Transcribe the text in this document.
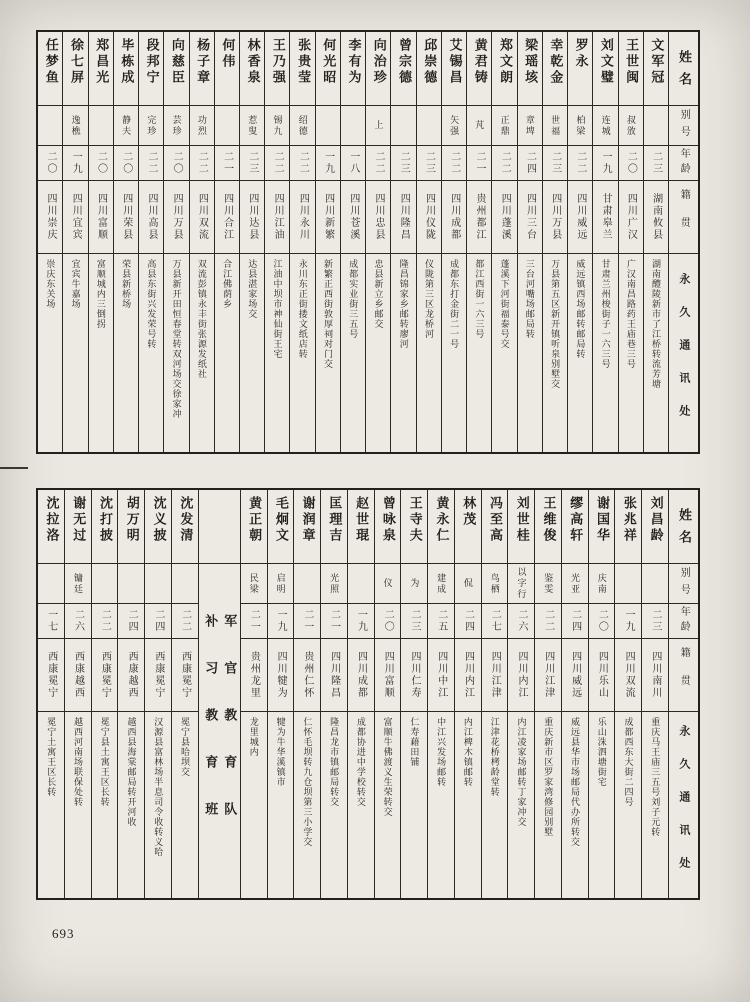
姓名
别号
年龄
籍贯
永久通讯处
文军冠
二三
湖南攸县
湖南醴陵新市了江桥转流芳塘
王世闽
叔攽
二〇
四川广汉
广汉南昌路药王庙巷三号
刘文璧
连城
一九
甘肃皋兰
甘肃兰州梭街子一六三号
罗永
柏梁
二二
四川威远
威远镇西场邮转邮局转
幸乾金
世福
二三
四川万县
万县第五区新开镇听泉别墅交
梁瑶垓
章埤
二四
四川三台
三台河嘴场邮局转
郑文朗
正鼎
二二
四川蓬溪
蓬溪下河街福泰号交
黄君铸
芃
二一
贵州都江
都江西街一六三号
艾锡昌
矢强
二二
四川成都
成都东打金街二一号
邱崇德
二三
四川仪陇
仪陇第三区龙桥河
曾宗德
二三
四川隆昌
隆昌锦家乡邮转廖河
向治珍
上
二二
四川忠县
忠县新立乡邮交
李有为
一八
四川苍溪
成都实业街三五号
何光昭
一九
四川新繁
新繁正西街敦厚祠对门交
张贵莹
绍德
二二
四川永川
永川东正街搂文纸店转
王乃强
锡九
二二
四川江油
江油中坝市神仙街王宅
林香泉
惹叟
二三
四川达县
达县湛家场交
何伟
二一
四川合江
合江佛荫乡
杨子章
功烈
二二
四川双流
双流彭镇永丰街张源发纸社
向慈臣
芸珍
二〇
四川万县
万县新开田恒春堂转双河场交徐家冲
段邦宁
完珍
二二
四川高县
高县东街兴发荣号转
毕栋成
静夫
二〇
四川荣县
荣县新桥场
郑昌光
二〇
四川富顺
富顺城内三倒拐
徐七屏
逸樵
一九
四川宜宾
宜宾牛嘉场
任梦鱼
二〇
四川崇庆
崇庆东关场
姓名
别号
年龄
籍贯
永久通讯处
刘昌龄
二三
四川南川
重庆马王庙三五号刘子元转
张兆祥
一九
四川双流
成都西东大街二四号
谢国华
庆南
二〇
四川乐山
乐山洙泗塘街宅
缪高轩
光亚
二四
四川威远
威远县华市场邮局代办所转交
王维俊
鉴雯
二二
四川江津
重庆新市区罗家湾修园别墅
刘世桂
以字行
二六
四川内江
内江凌家场邮转丁家冲交
冯至高
鸟栖
二七
四川江津
江津花桥栲龄堂转
林茂
侃
二四
四川内江
内江椑木镇邮转
黄永仁
建成
二五
四川中江
中江兴发场邮转
王寺夫
为
二三
四川仁寿
仁寿藉田铺
曾咏泉
仪
二〇
四川富顺
富顺牛佛渡义生荣转交
赵世琨
一九
四川成都
成都协进中学校转交
匡理吉
光照
二一
四川隆昌
隆昌龙市镇邮局转交
谢润章
二一
贵州仁怀
仁怀毛坝转九仓坝第三小学交
毛炯文
启明
一九
四川犍为
犍为牛华溪镇市
黄正朝
民梁
二一
贵州龙里
龙里城内
军官教育队
补习教育班
沈发清
二二
西康冕宁
冕宁县哈坝交
沈义披
二四
西康冕宁
汉源县富林场半息司令收转义哈
胡万明
二四
西康越西
越西县海棠邮局转开河收
沈打披
二二
西康冕宁
冕宁县土寓王区长转
谢无过
镛廷
二六
西康越西
越西河南场联保处转
沈拉洛
一七
西康冕宁
冕宁土寓王区长转
693
